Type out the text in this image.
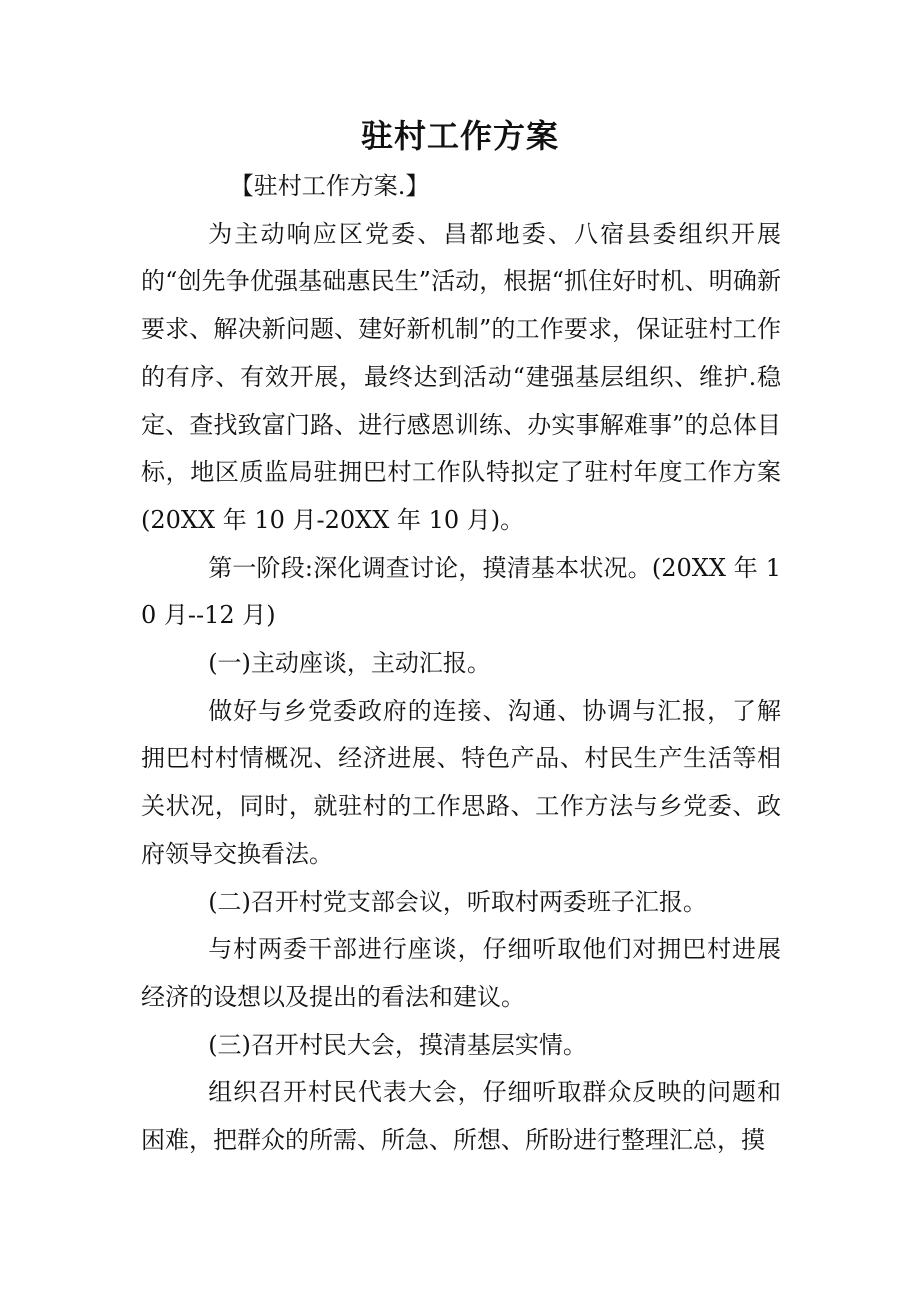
驻村工作方案

【驻村工作方案.】

为主动响应区党委、昌都地委、八宿县委组织开展的“创先争优强基础惠民生”活动，根据“抓住好时机、明确新要求、解决新问题、建好新机制”的工作要求，保证驻村工作的有序、有效开展，最终达到活动“建强基层组织、维护.稳定、查找致富门路、进行感恩训练、办实事解难事”的总体目标，地区质监局驻拥巴村工作队特拟定了驻村年度工作方案(20XX 年 10 月-20XX 年 10 月)。

第一阶段:深化调查讨论，摸清基本状况。(20XX 年 10 月--12 月)

(一)主动座谈，主动汇报。

做好与乡党委政府的连接、沟通、协调与汇报，了解拥巴村村情概况、经济进展、特色产品、村民生产生活等相关状况，同时，就驻村的工作思路、工作方法与乡党委、政府领导交换看法。

(二)召开村党支部会议，听取村两委班子汇报。

与村两委干部进行座谈，仔细听取他们对拥巴村进展经济的设想以及提出的看法和建议。

(三)召开村民大会，摸清基层实情。

组织召开村民代表大会，仔细听取群众反映的问题和困难，把群众的所需、所急、所想、所盼进行整理汇总，摸
